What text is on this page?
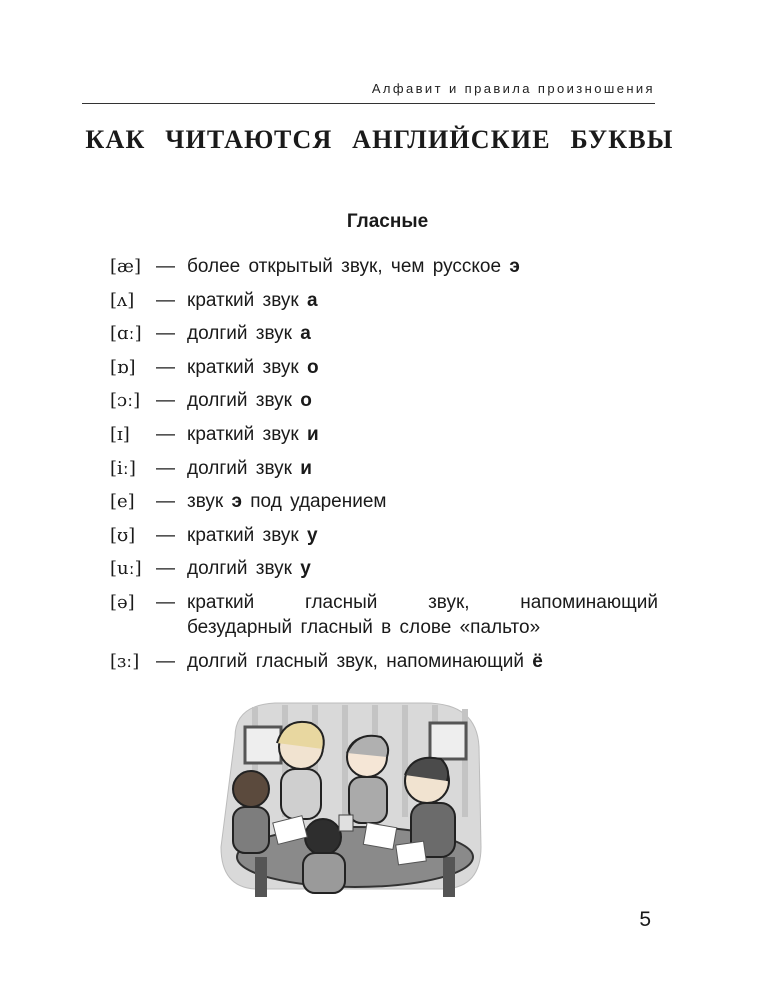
Алфавит и правила произношения
КАК ЧИТАЮТСЯ АНГЛИЙСКИЕ БУКВЫ
Гласные
[æ] — более открытый звук, чем русское э
[ʌ]	— краткий звук а
[ɑː] — долгий звук а
[ɒ]	— краткий звук о
[ɔː] — долгий звук о
[ɪ]	— краткий звук и
[iː]	— долгий звук и
[e]	— звук э под ударением
[ʊ]	— краткий звук у
[uː] — долгий звук у
[ə]	— краткий	гласный	звук,	напоминающий
безударный гласный в слове «пальто»
[ɜː] — долгий гласный звук, напоминающий ё
5
